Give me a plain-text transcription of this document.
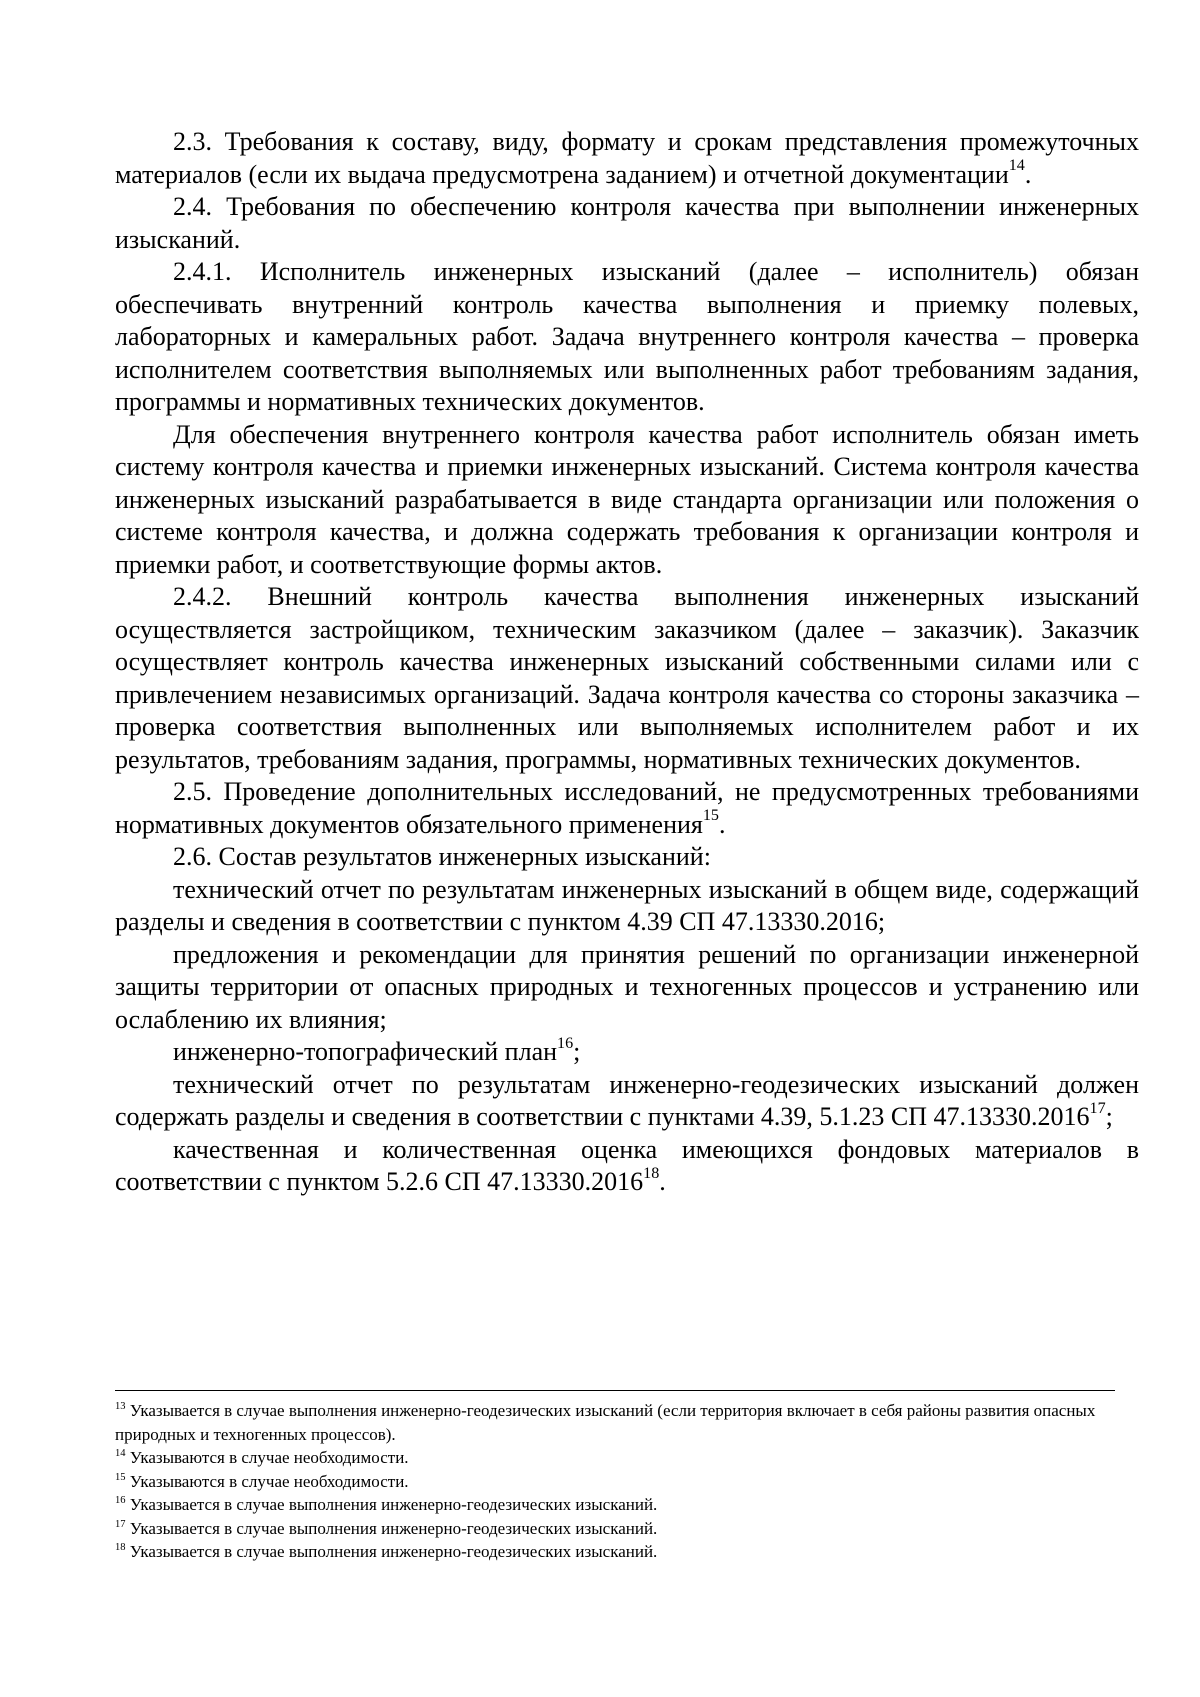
2.3. Требования к составу, виду, формату и срокам представления промежуточных материалов (если их выдача предусмотрена заданием) и отчетной документации$^{14}$.

2.4. Требования по обеспечению контроля качества при выполнении инженерных изысканий.

2.4.1. Исполнитель инженерных изысканий (далее – исполнитель) обязан обеспечивать внутренний контроль качества выполнения и приемку полевых, лабораторных и камеральных работ. Задача внутреннего контроля качества – проверка исполнителем соответствия выполняемых или выполненных работ требованиям задания, программы и нормативных технических документов.

Для обеспечения внутреннего контроля качества работ исполнитель обязан иметь систему контроля качества и приемки инженерных изысканий. Система контроля качества инженерных изысканий разрабатывается в виде стандарта организации или положения о системе контроля качества, и должна содержать требования к организации контроля и приемки работ, и соответствующие формы актов.

2.4.2. Внешний контроль качества выполнения инженерных изысканий осуществляется застройщиком, техническим заказчиком (далее – заказчик). Заказчик осуществляет контроль качества инженерных изысканий собственными силами или с привлечением независимых организаций. Задача контроля качества со стороны заказчика – проверка соответствия выполненных или выполняемых исполнителем работ и их результатов, требованиям задания, программы, нормативных технических документов.

2.5. Проведение дополнительных исследований, не предусмотренных требованиями нормативных документов обязательного применения$^{15}$.

2.6. Состав результатов инженерных изысканий:

технический отчет по результатам инженерных изысканий в общем виде, содержащий разделы и сведения в соответствии с пунктом 4.39 СП 47.13330.2016;

предложения и рекомендации для принятия решений по организации инженерной защиты территории от опасных природных и техногенных процессов и устранению или ослаблению их влияния;

инженерно-топографический план$^{16}$;

технический отчет по результатам инженерно-геодезических изысканий должен содержать разделы и сведения в соответствии с пунктами 4.39, 5.1.23 СП 47.13330.2016$^{17}$;

качественная и количественная оценка имеющихся фондовых материалов в соответствии с пунктом 5.2.6 СП 47.13330.2016$^{18}$.

$^{13}$ Указывается в случае выполнения инженерно-геодезических изысканий (если территория включает в себя районы развития опасных природных и техногенных процессов).

$^{14}$ Указываются в случае необходимости.

$^{15}$ Указываются в случае необходимости.

$^{16}$ Указывается в случае выполнения инженерно-геодезических изысканий.

$^{17}$ Указывается в случае выполнения инженерно-геодезических изысканий.

$^{18}$ Указывается в случае выполнения инженерно-геодезических изысканий.
